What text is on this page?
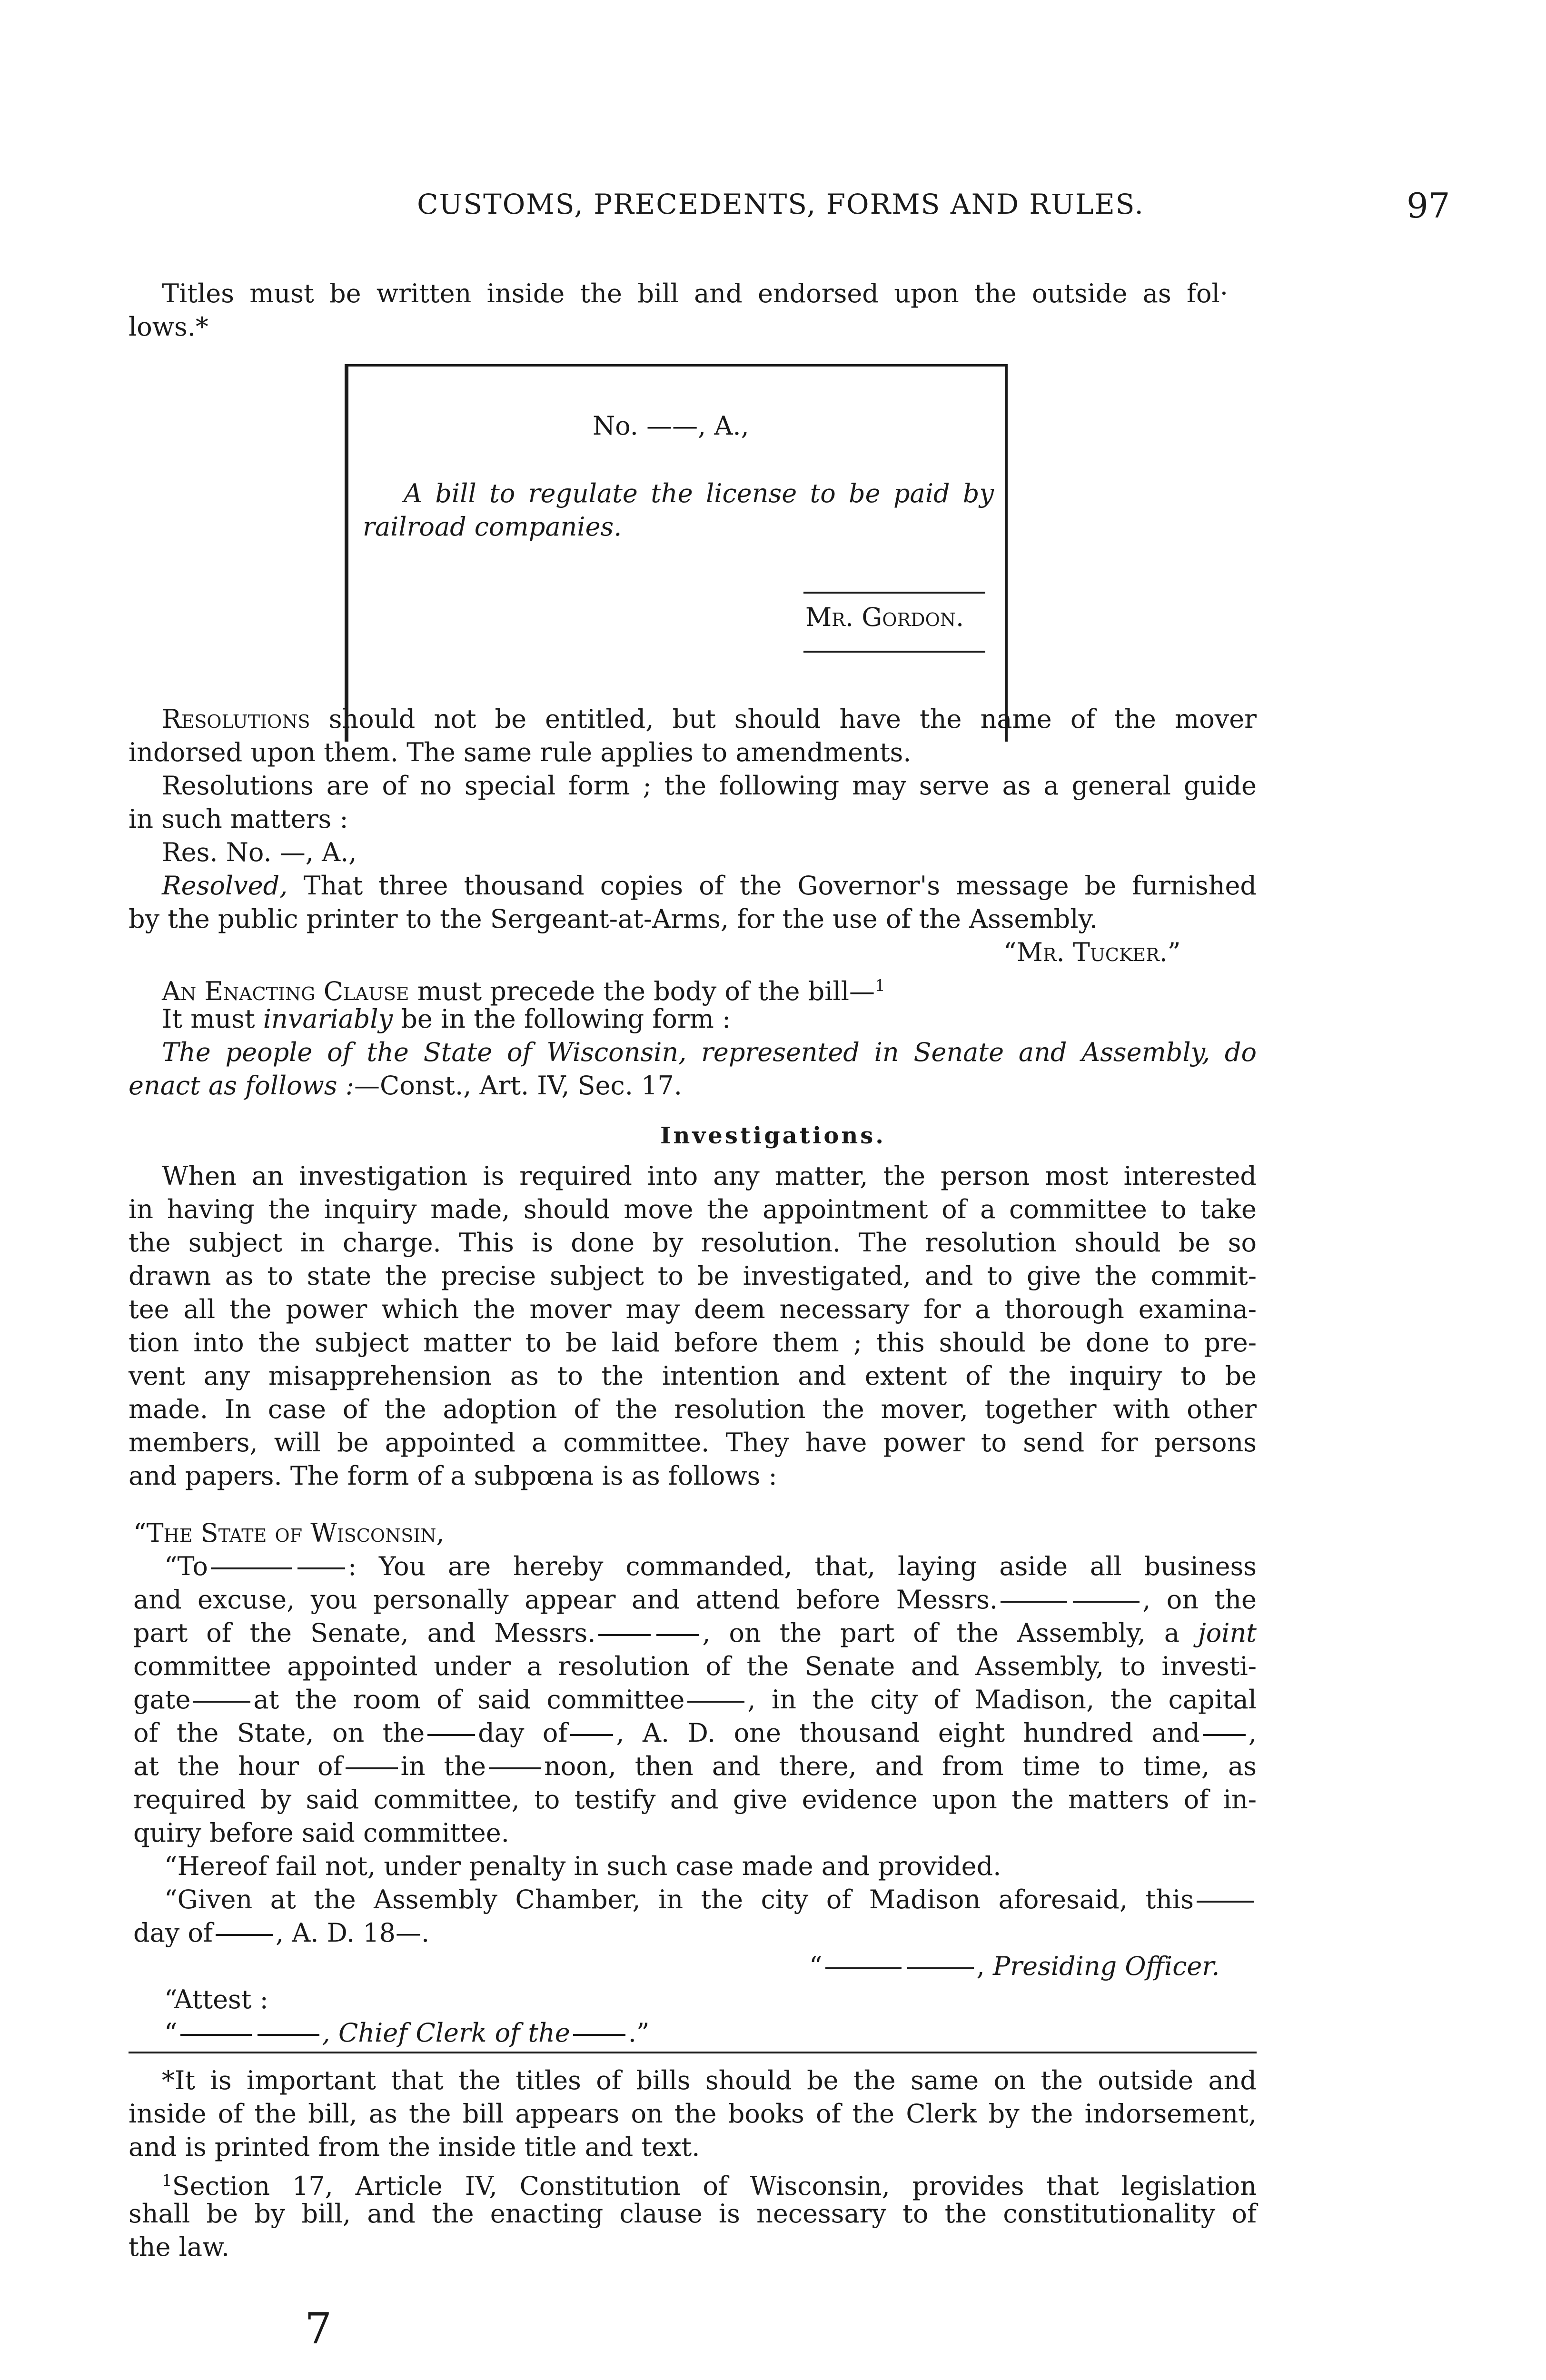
CUSTOMS, PRECEDENTS, FORMS AND RULES.	97
Titles must be written inside the bill and endorsed upon the outside as fol·
lows.*
No. ——, A.,
A bill to regulate the license to be paid by
railroad companies.
Mr. Gordon.
Resolutions should not be entitled, but should have the name of the mover
indorsed upon them. The same rule applies to amendments.
Resolutions are of no special form ; the following may serve as a general guide
in such matters :
Res. No. —, A.,
Resolved, That three thousand copies of the Governor's message be furnished
by the public printer to the Sergeant-at-Arms, for the use of the Assembly.
“Mr. Tucker.”
An Enacting Clause must precede the body of the bill—$^1$
It must invariably be in the following form :
The people of the State of Wisconsin, represented in Senate and Assembly, do
enact as follows :—Const., Art. IV, Sec. 17.
Investigations.
When an investigation is required into any matter, the person most interested
in having the inquiry made, should move the appointment of a committee to take
the subject in charge. This is done by resolution. The resolution should be so
drawn as to state the precise subject to be investigated, and to give the commit-
tee all the power which the mover may deem necessary for a thorough examina-
tion into the subject matter to be laid before them ; this should be done to pre-
vent any misapprehension as to the intention and extent of the inquiry to be
made. In case of the adoption of the resolution the mover, together with other
members, will be appointed a committee. They have power to send for persons
and papers. The form of a subpœna is as follows :
“The State of Wisconsin,
“To	: You are hereby commanded, that, laying aside all business
and excuse, you personally appear and attend before Messrs.	, on the
part of the Senate, and Messrs.	, on the part of the Assembly, a joint
committee appointed under a resolution of the Senate and Assembly, to investi-
gate at the room of said committee , in the city of Madison, the capital
of the State, on the day of , A. D. one thousand eight hundred and ,
at the hour of in the noon, then and there, and from time to time, as
required by said committee, to testify and give evidence upon the matters of in-
quiry before said committee.
“Hereof fail not, under penalty in such case made and provided.
“Given at the Assembly Chamber, in the city of Madison aforesaid, this
day of , A. D. 18—.
“	, Presiding Officer.
“Attest :
“	, Chief Clerk of the .”
*It is important that the titles of bills should be the same on the outside and
inside of the bill, as the bill appears on the books of the Clerk by the indorsement,
and is printed from the inside title and text.
$^1$Section 17, Article IV, Constitution of Wisconsin, provides that legislation
shall be by bill, and the enacting clause is necessary to the constitutionality of
the law.
7
